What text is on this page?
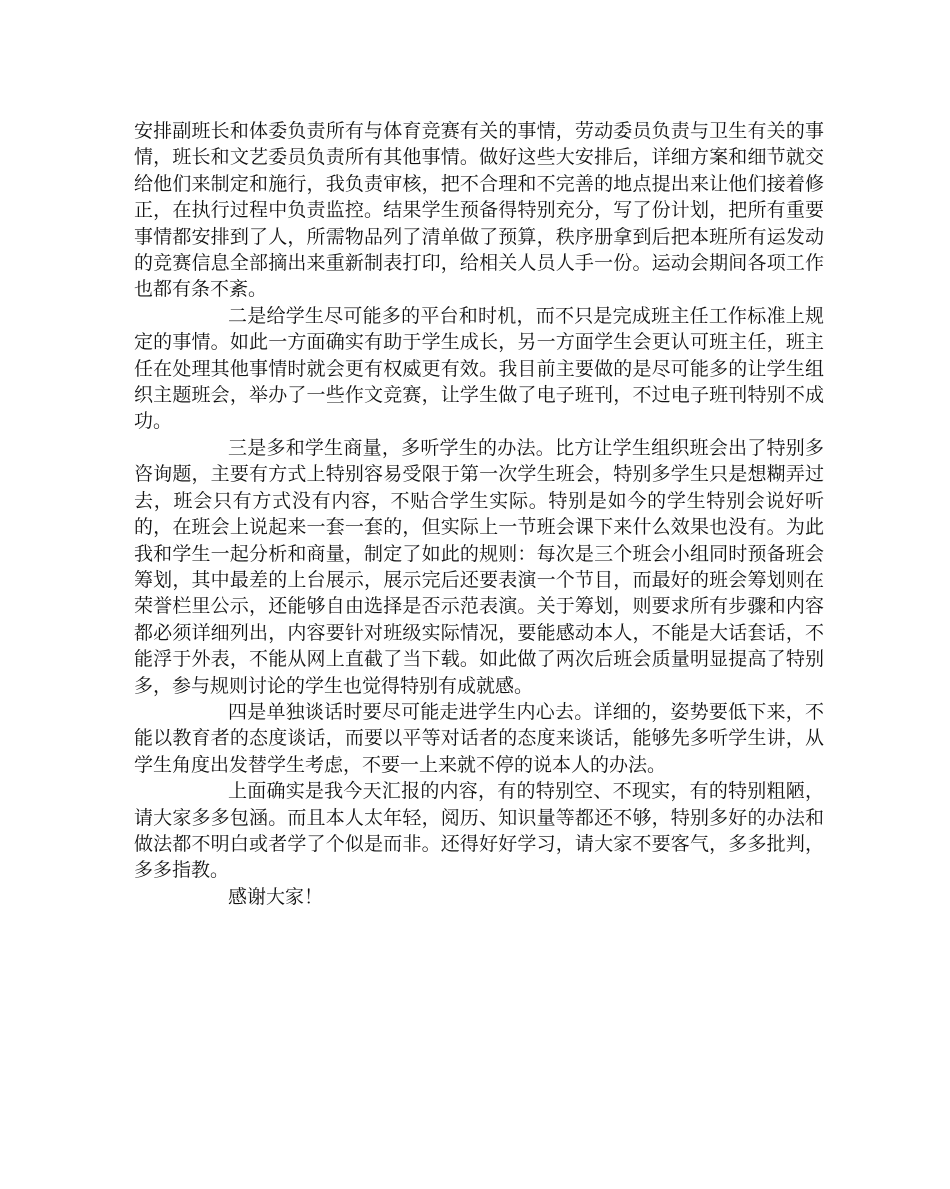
安排副班长和体委负责所有与体育竞赛有关的事情，劳动委员负责与卫生有关的事情，班长和文艺委员负责所有其他事情。做好这些大安排后，详细方案和细节就交给他们来制定和施行，我负责审核，把不合理和不完善的地点提出来让他们接着修正，在执行过程中负责监控。结果学生预备得特别充分，写了份计划，把所有重要事情都安排到了人，所需物品列了清单做了预算，秩序册拿到后把本班所有运发动的竞赛信息全部摘出来重新制表打印，给相关人员人手一份。运动会期间各项工作也都有条不紊。

二是给学生尽可能多的平台和时机，而不只是完成班主任工作标准上规定的事情。如此一方面确实有助于学生成长，另一方面学生会更认可班主任，班主任在处理其他事情时就会更有权威更有效。我目前主要做的是尽可能多的让学生组织主题班会，举办了一些作文竞赛，让学生做了电子班刊，不过电子班刊特别不成功。

三是多和学生商量，多听学生的办法。比方让学生组织班会出了特别多咨询题，主要有方式上特别容易受限于第一次学生班会，特别多学生只是想糊弄过去，班会只有方式没有内容，不贴合学生实际。特别是如今的学生特别会说好听的，在班会上说起来一套一套的，但实际上一节班会课下来什么效果也没有。为此我和学生一起分析和商量，制定了如此的规则：每次是三个班会小组同时预备班会筹划，其中最差的上台展示，展示完后还要表演一个节目，而最好的班会筹划则在荣誉栏里公示，还能够自由选择是否示范表演。关于筹划，则要求所有步骤和内容都必须详细列出，内容要针对班级实际情况，要能感动本人，不能是大话套话，不能浮于外表，不能从网上直截了当下载。如此做了两次后班会质量明显提高了特别多，参与规则讨论的学生也觉得特别有成就感。

四是单独谈话时要尽可能走进学生内心去。详细的，姿势要低下来，不能以教育者的态度谈话，而要以平等对话者的态度来谈话，能够先多听学生讲，从学生角度出发替学生考虑，不要一上来就不停的说本人的办法。

上面确实是我今天汇报的内容，有的特别空、不现实，有的特别粗陋，请大家多多包涵。而且本人太年轻，阅历、知识量等都还不够，特别多好的办法和做法都不明白或者学了个似是而非。还得好好学习，请大家不要客气，多多批判，多多指教。

感谢大家！
